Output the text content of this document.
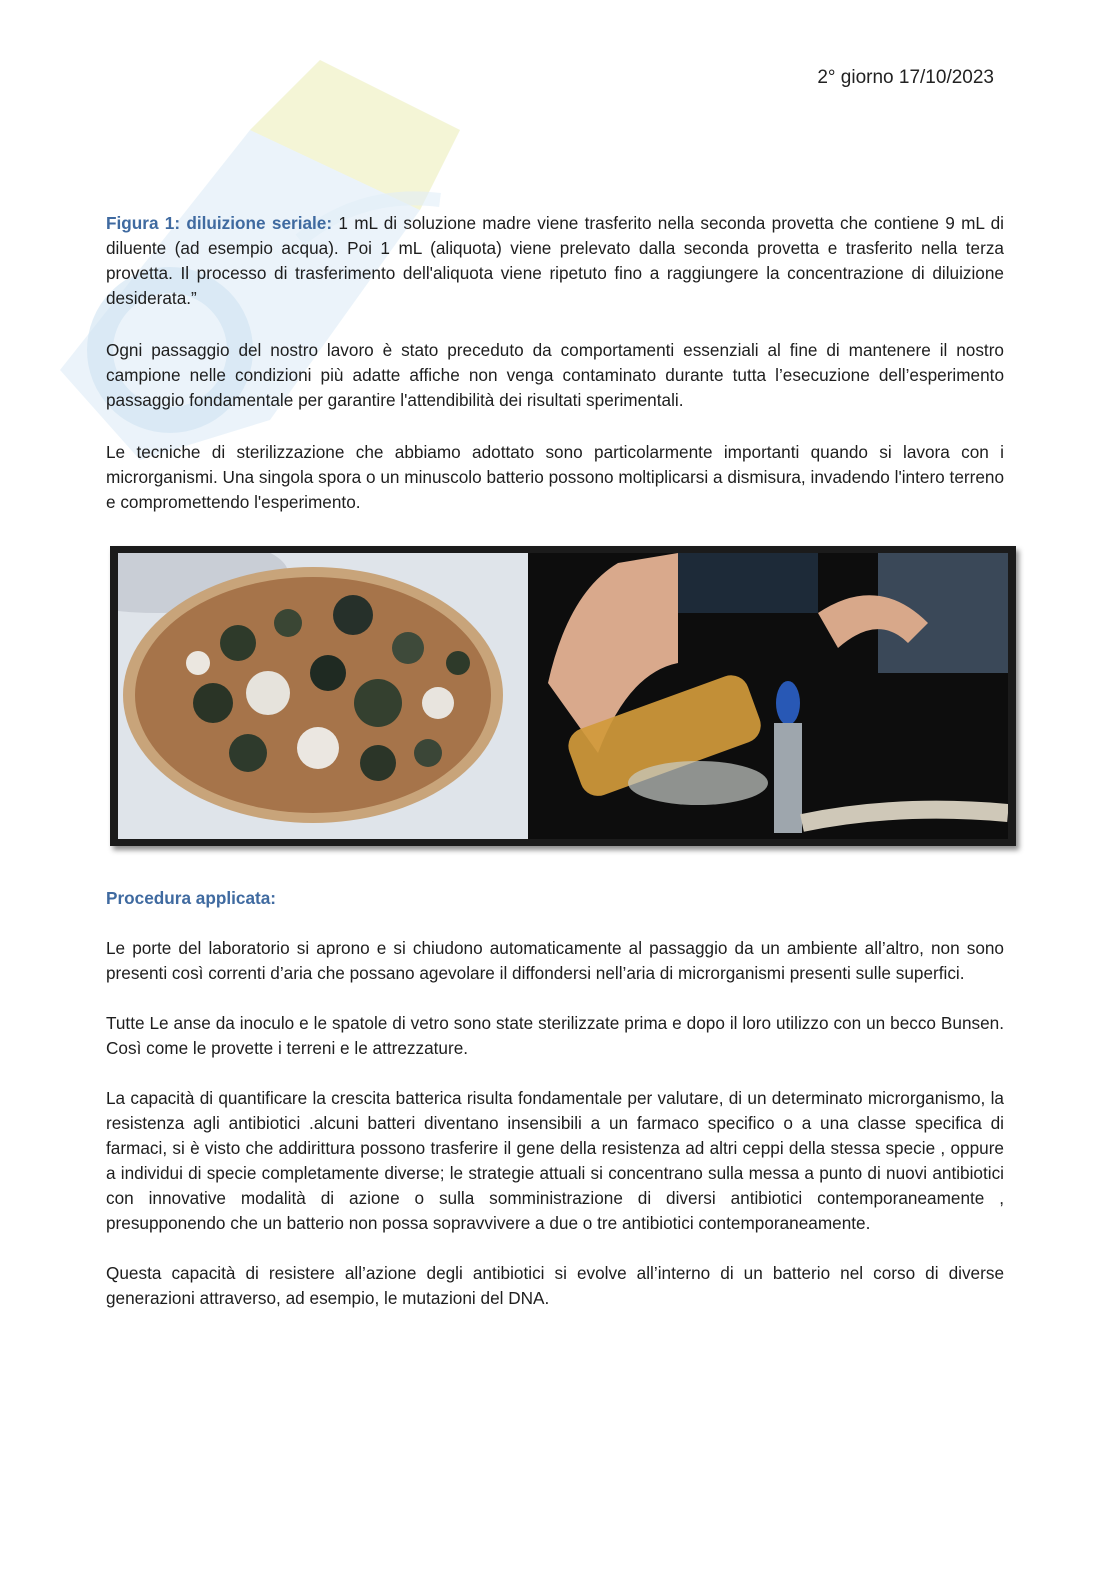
2° giorno 17/10/2023

Figura 1: diluizione seriale: 1 mL di soluzione madre viene trasferito nella seconda provetta che contiene 9 mL di diluente (ad esempio acqua). Poi 1 mL (aliquota) viene prelevato dalla seconda provetta e trasferito nella terza provetta. Il processo di trasferimento dell'aliquota viene ripetuto fino a raggiungere la concentrazione di diluizione desiderata.”

Ogni passaggio del nostro lavoro è stato preceduto da comportamenti essenziali al fine di mantenere il nostro campione nelle condizioni più adatte affiche non venga contaminato durante tutta l’esecuzione dell’esperimento passaggio fondamentale per garantire l'attendibilità dei risultati sperimentali.

Le tecniche di sterilizzazione che abbiamo adottato sono particolarmente importanti quando si lavora con i microrganismi. Una singola spora o un minuscolo batterio possono moltiplicarsi a dismisura, invadendo l'intero terreno e compromettendo l'esperimento.

Procedura applicata:

Le porte del laboratorio si aprono e si chiudono automaticamente al passaggio da un ambiente all’altro, non sono presenti così correnti d’aria che possano agevolare il diffondersi nell’aria di microrganismi presenti sulle superfici.

Tutte Le anse da inoculo e le spatole di vetro sono state sterilizzate prima e dopo il loro utilizzo con un becco Bunsen. Così come le provette i terreni e le attrezzature.

La capacità di quantificare la crescita batterica risulta fondamentale per valutare, di un determinato microrganismo, la resistenza agli antibiotici .alcuni batteri diventano insensibili a un farmaco specifico o a una classe specifica di farmaci, si è visto che addirittura possono trasferire il gene della resistenza ad altri ceppi della stessa specie , oppure a individui di specie completamente diverse; le strategie attuali si concentrano sulla messa a punto di nuovi antibiotici con innovative modalità di azione o sulla somministrazione di diversi antibiotici contemporaneamente , presupponendo che un batterio non possa sopravvivere a due o tre antibiotici contemporaneamente.

Questa capacità di resistere all’azione degli antibiotici si evolve all’interno di un batterio nel corso di diverse generazioni attraverso, ad esempio, le mutazioni del DNA.
